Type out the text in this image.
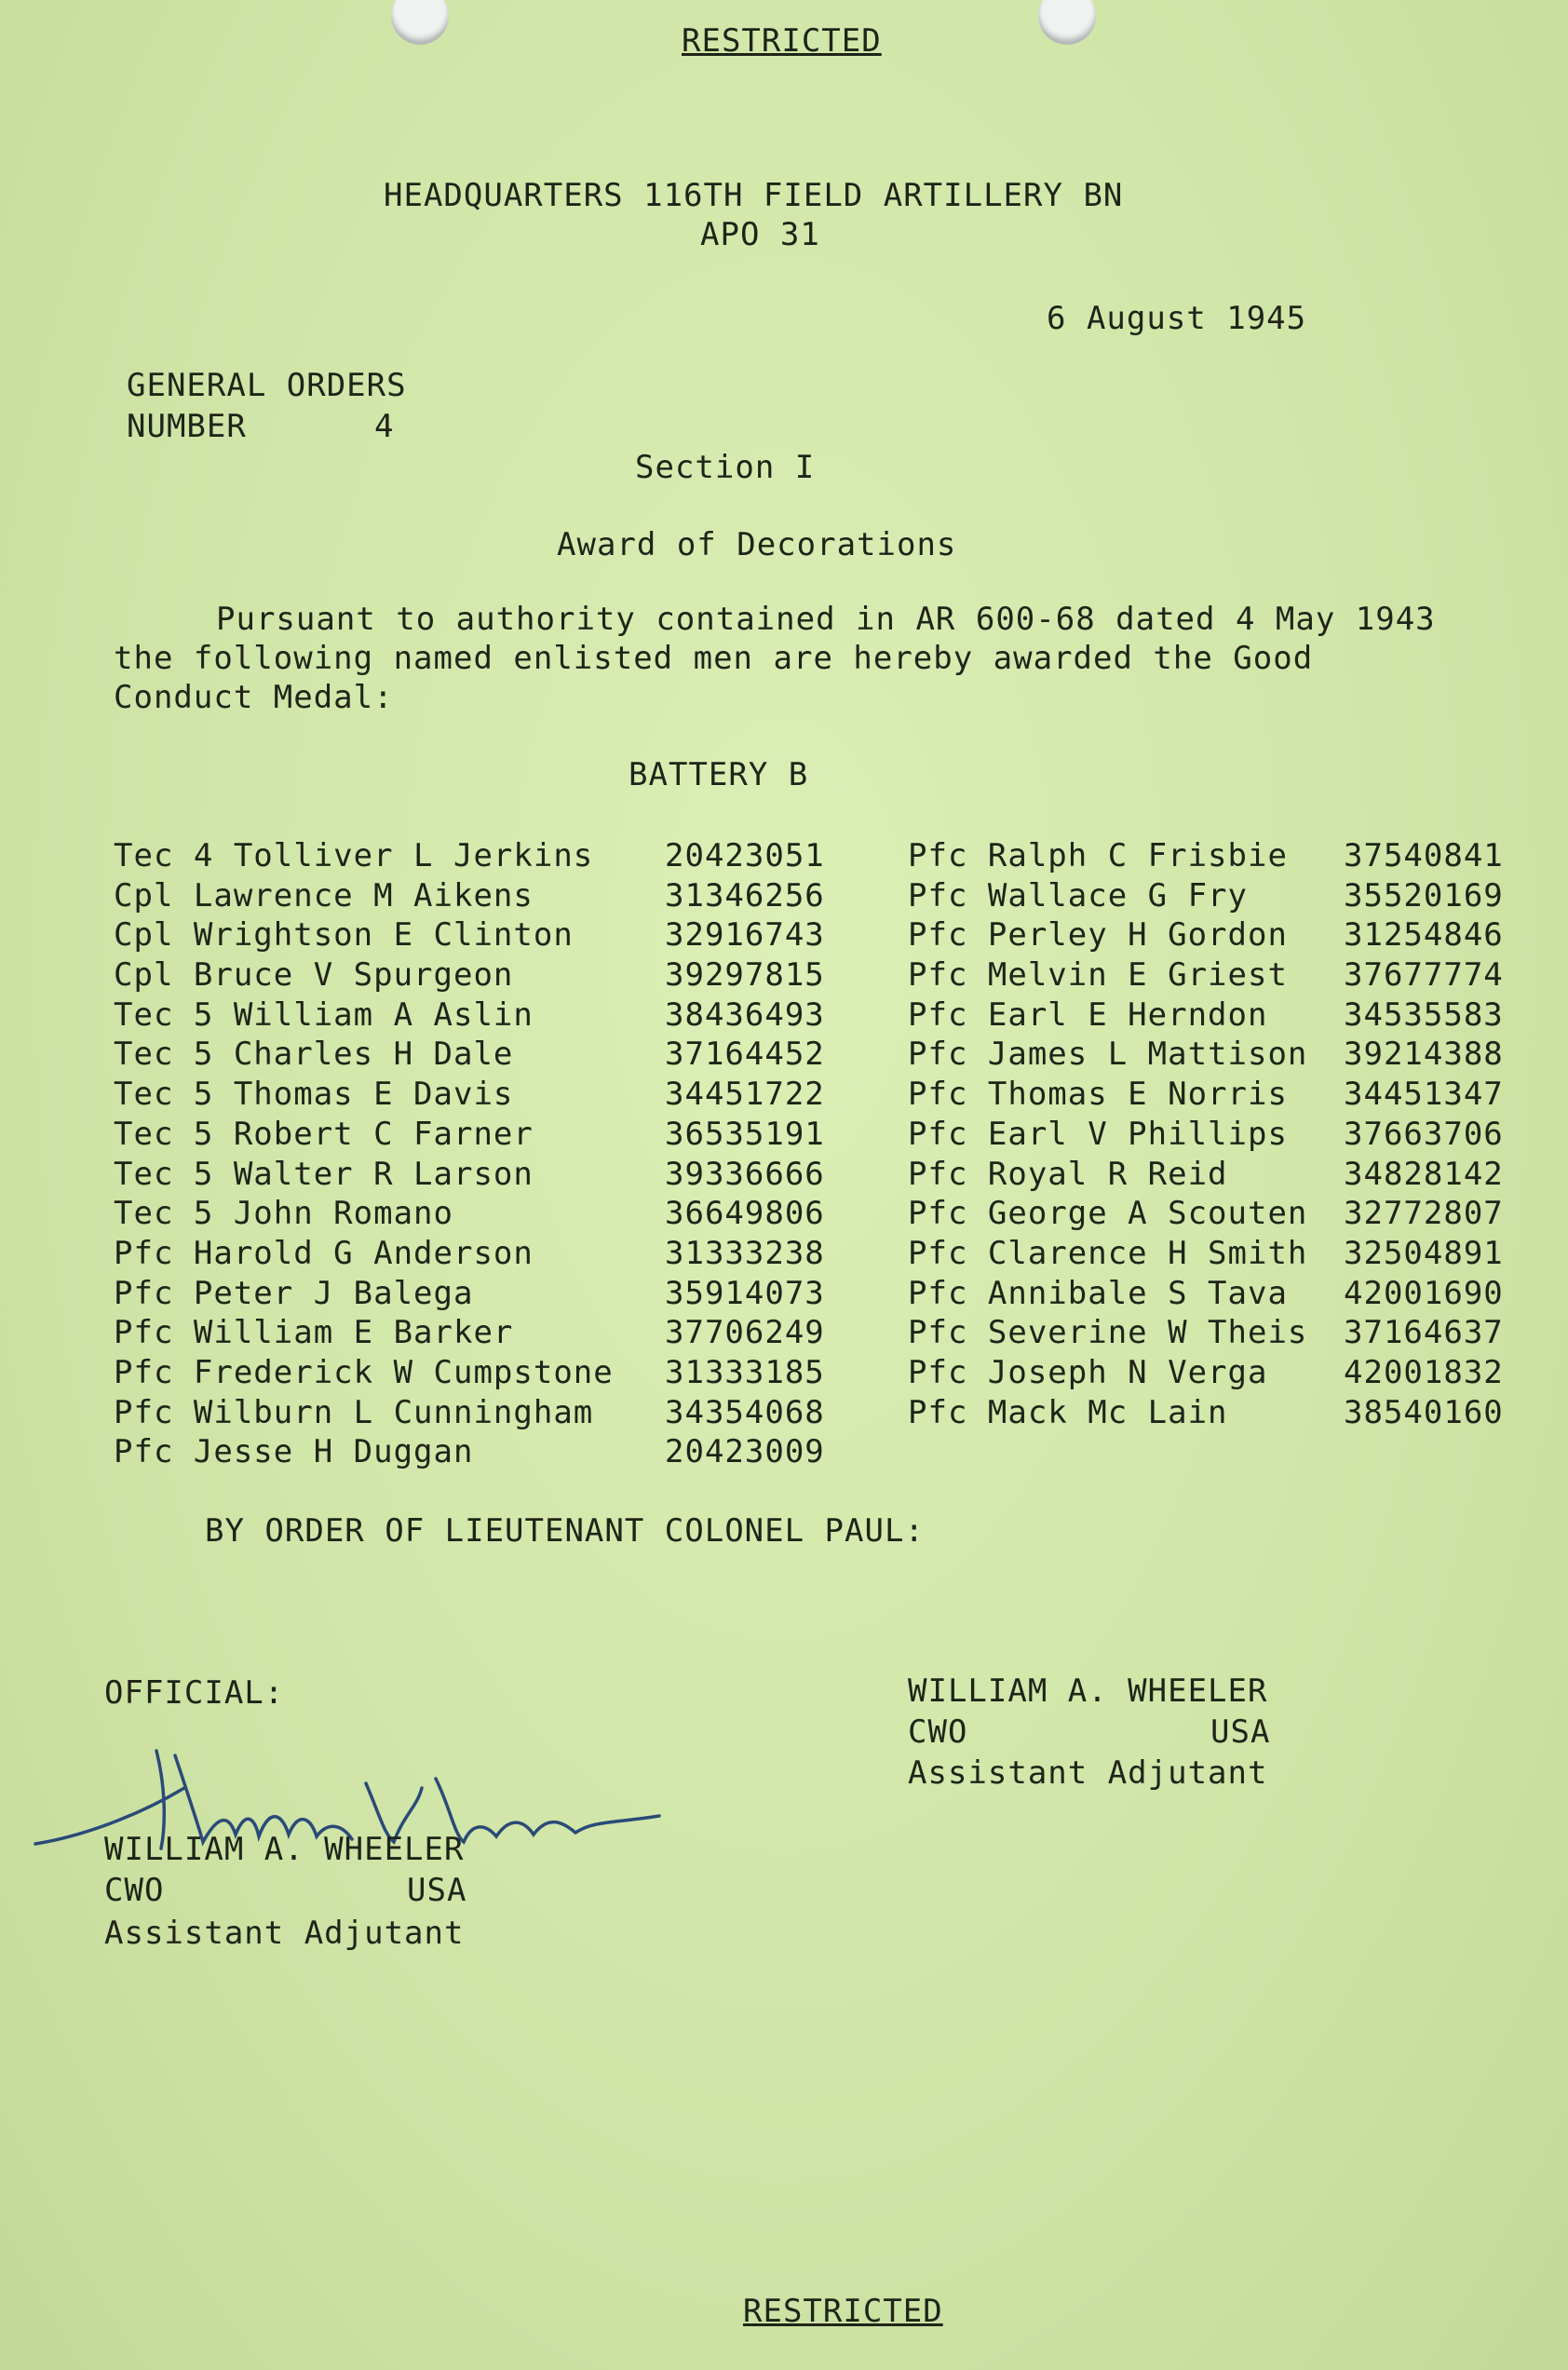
RESTRICTED
HEADQUARTERS 116TH FIELD ARTILLERY BN
APO 31
6 August 1945
GENERAL ORDERS
NUMBER	4
Section I
Award of Decorations
Pursuant to authority contained in AR 600-68 dated 4 May 1943 the following named enlisted men are hereby awarded the Good Conduct Medal:
BATTERY B
Tec 4 Tolliver L Jerkins 20423051
Cpl Lawrence M Aikens	31346256
Cpl Wrightson E Clinton	32916743
Cpl Bruce V Spurgeon	39297815
Tec 5 William A Aslin	38436493
Tec 5 Charles H Dale	37164452
Tec 5 Thomas E Davis	34451722
Tec 5 Robert C Farner	36535191
Tec 5 Walter R Larson	39336666
Tec 5 John Romano	36649806
Pfc Harold G Anderson	31333238
Pfc Peter J Balega	35914073
Pfc William E Barker	37706249
Pfc Frederick W Cumpstone 31333185
Pfc Wilburn L Cunningham 34354068
Pfc Jesse H Duggan	20423009
Pfc Ralph C Frisbie 37540841
Pfc Wallace G Fry	35520169
Pfc Perley H Gordon 31254846
Pfc Melvin E Griest 37677774
Pfc Earl E Herndon 34535583
Pfc James L Mattison 39214388
Pfc Thomas E Norris 34451347
Pfc Earl V Phillips 37663706
Pfc Royal R Reid	34828142
Pfc George A Scouten 32772807
Pfc Clarence H Smith 32504891
Pfc Annibale S Tava 42001690
Pfc Severine W Theis 37164637
Pfc Joseph N Verga 42001832
Pfc Mack Mc Lain	38540160
BY ORDER OF LIEUTENANT COLONEL PAUL:
OFFICIAL:	WILLIAM A. WHEELER
CWO	USA
Assistant Adjutant
WILLIAM A. WHEELER
CWO	USA
Assistant Adjutant
RESTRICTED
